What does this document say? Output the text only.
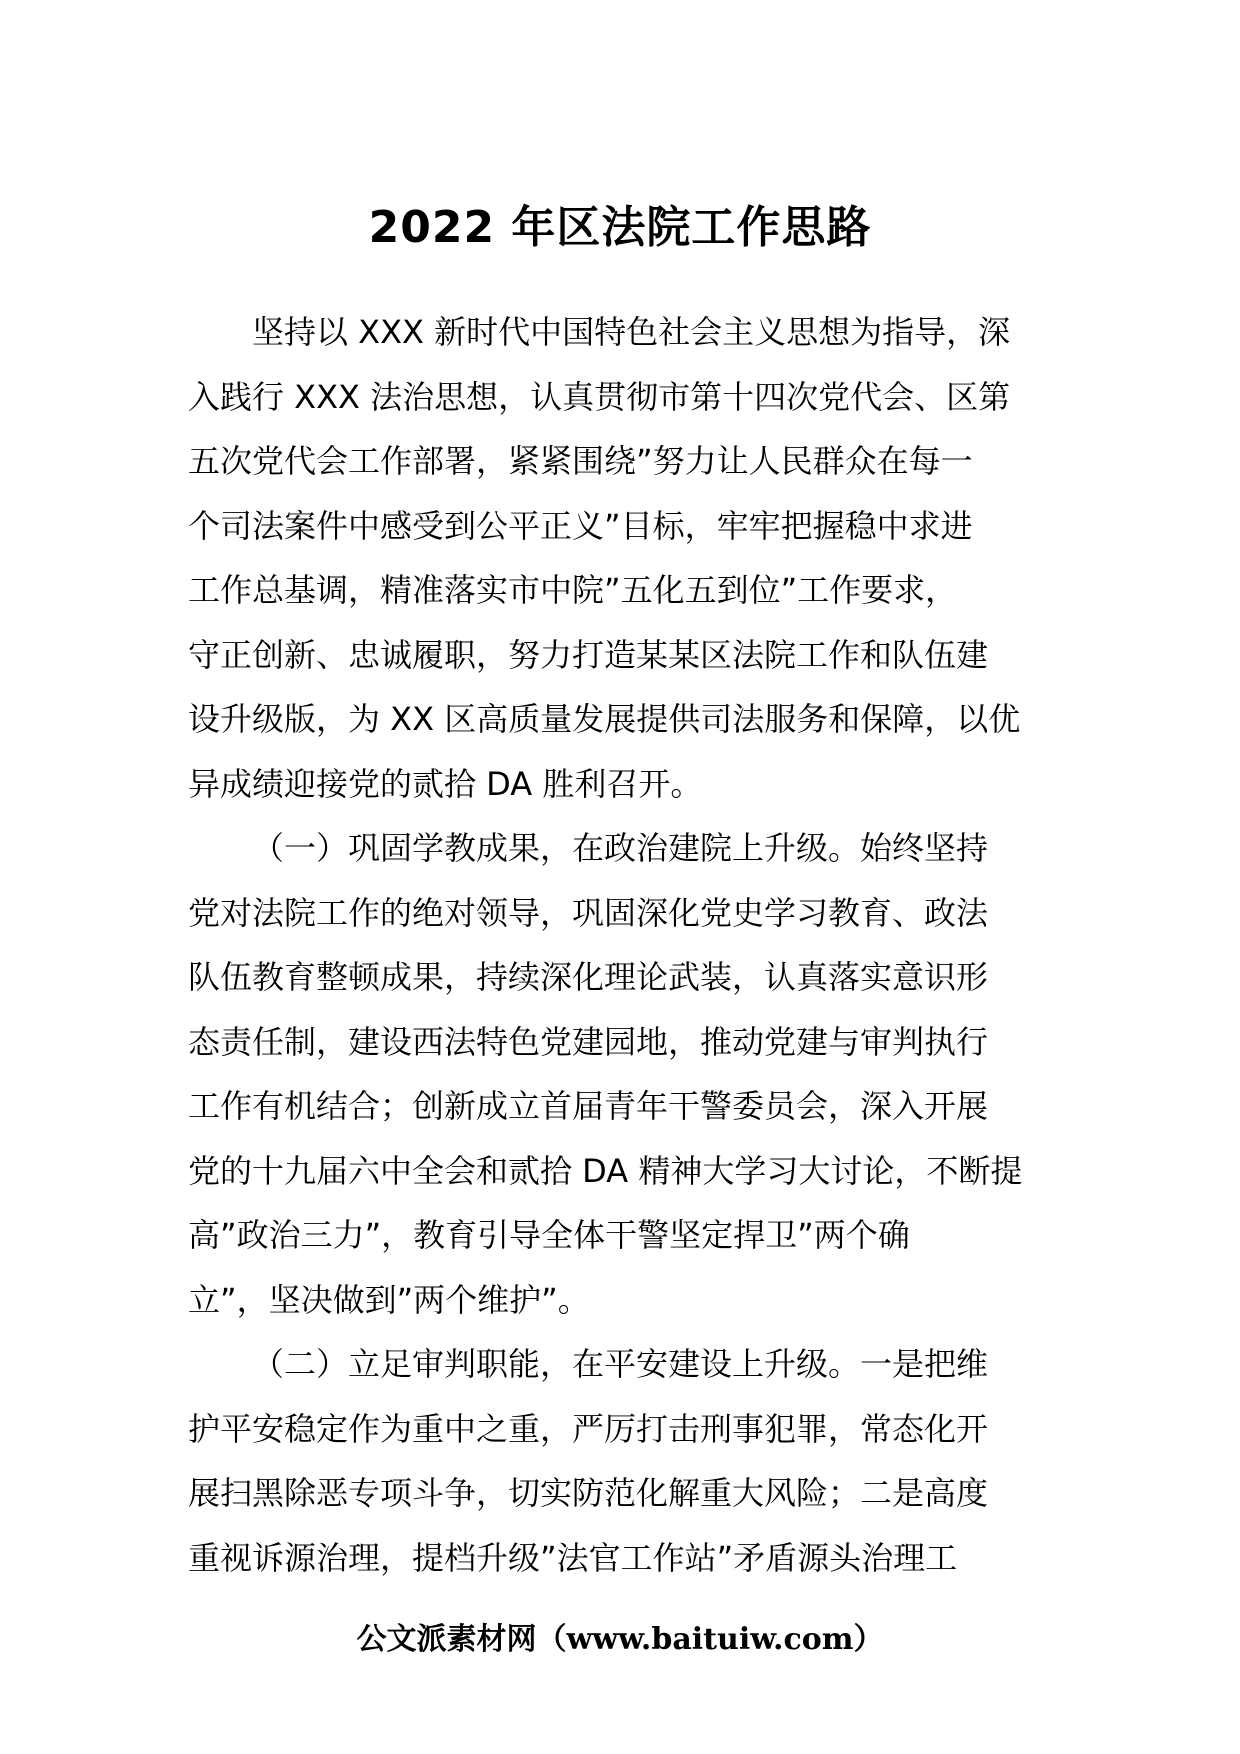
2022 年区法院工作思路
坚持以 XXX 新时代中国特色社会主义思想为指导，深
入践行 XXX 法治思想，认真贯彻市第十四次党代会、区第
五次党代会工作部署，紧紧围绕”努力让人民群众在每一
个司法案件中感受到公平正义”目标，牢牢把握稳中求进
工作总基调，精准落实市中院”五化五到位”工作要求，
守正创新、忠诚履职，努力打造某某区法院工作和队伍建
设升级版，为 XX 区高质量发展提供司法服务和保障，以优
异成绩迎接党的贰拾 DA 胜利召开。
（一）巩固学教成果，在政治建院上升级。始终坚持
党对法院工作的绝对领导，巩固深化党史学习教育、政法
队伍教育整顿成果，持续深化理论武装，认真落实意识形
态责任制，建设西法特色党建园地，推动党建与审判执行
工作有机结合；创新成立首届青年干警委员会，深入开展
党的十九届六中全会和贰拾 DA 精神大学习大讨论，不断提
高”政治三力”，教育引导全体干警坚定捍卫”两个确
立”，坚决做到”两个维护”。
（二）立足审判职能，在平安建设上升级。一是把维
护平安稳定作为重中之重，严厉打击刑事犯罪，常态化开
展扫黑除恶专项斗争，切实防范化解重大风险；二是高度
重视诉源治理，提档升级”法官工作站”矛盾源头治理工
公文派素材网（www.baituiw.com）
